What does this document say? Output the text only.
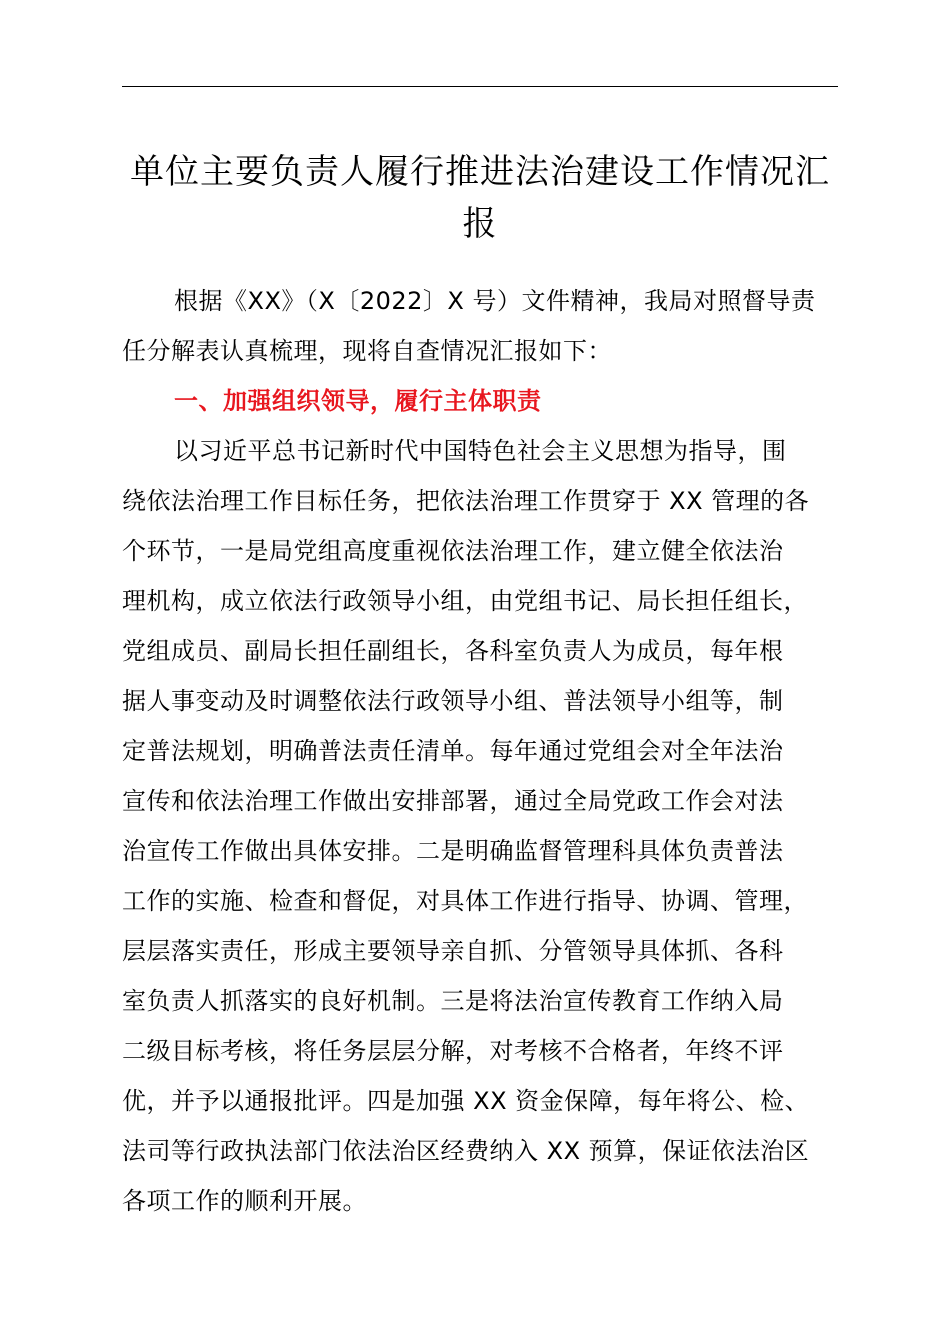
单位主要负责人履行推进法治建设工作情况汇
报
根据《XX》（X〔2022〕X 号）文件精神，我局对照督导责
任分解表认真梳理，现将自查情况汇报如下：
一、加强组织领导，履行主体职责
以习近平总书记新时代中国特色社会主义思想为指导，围
绕依法治理工作目标任务，把依法治理工作贯穿于 XX 管理的各
个环节，一是局党组高度重视依法治理工作，建立健全依法治
理机构，成立依法行政领导小组，由党组书记、局长担任组长，
党组成员、副局长担任副组长，各科室负责人为成员，每年根
据人事变动及时调整依法行政领导小组、普法领导小组等，制
定普法规划，明确普法责任清单。每年通过党组会对全年法治
宣传和依法治理工作做出安排部署，通过全局党政工作会对法
治宣传工作做出具体安排。二是明确监督管理科具体负责普法
工作的实施、检查和督促，对具体工作进行指导、协调、管理，
层层落实责任，形成主要领导亲自抓、分管领导具体抓、各科
室负责人抓落实的良好机制。三是将法治宣传教育工作纳入局
二级目标考核，将任务层层分解，对考核不合格者，年终不评
优，并予以通报批评。四是加强 XX 资金保障，每年将公、检、
法司等行政执法部门依法治区经费纳入 XX 预算，保证依法治区
各项工作的顺利开展。
